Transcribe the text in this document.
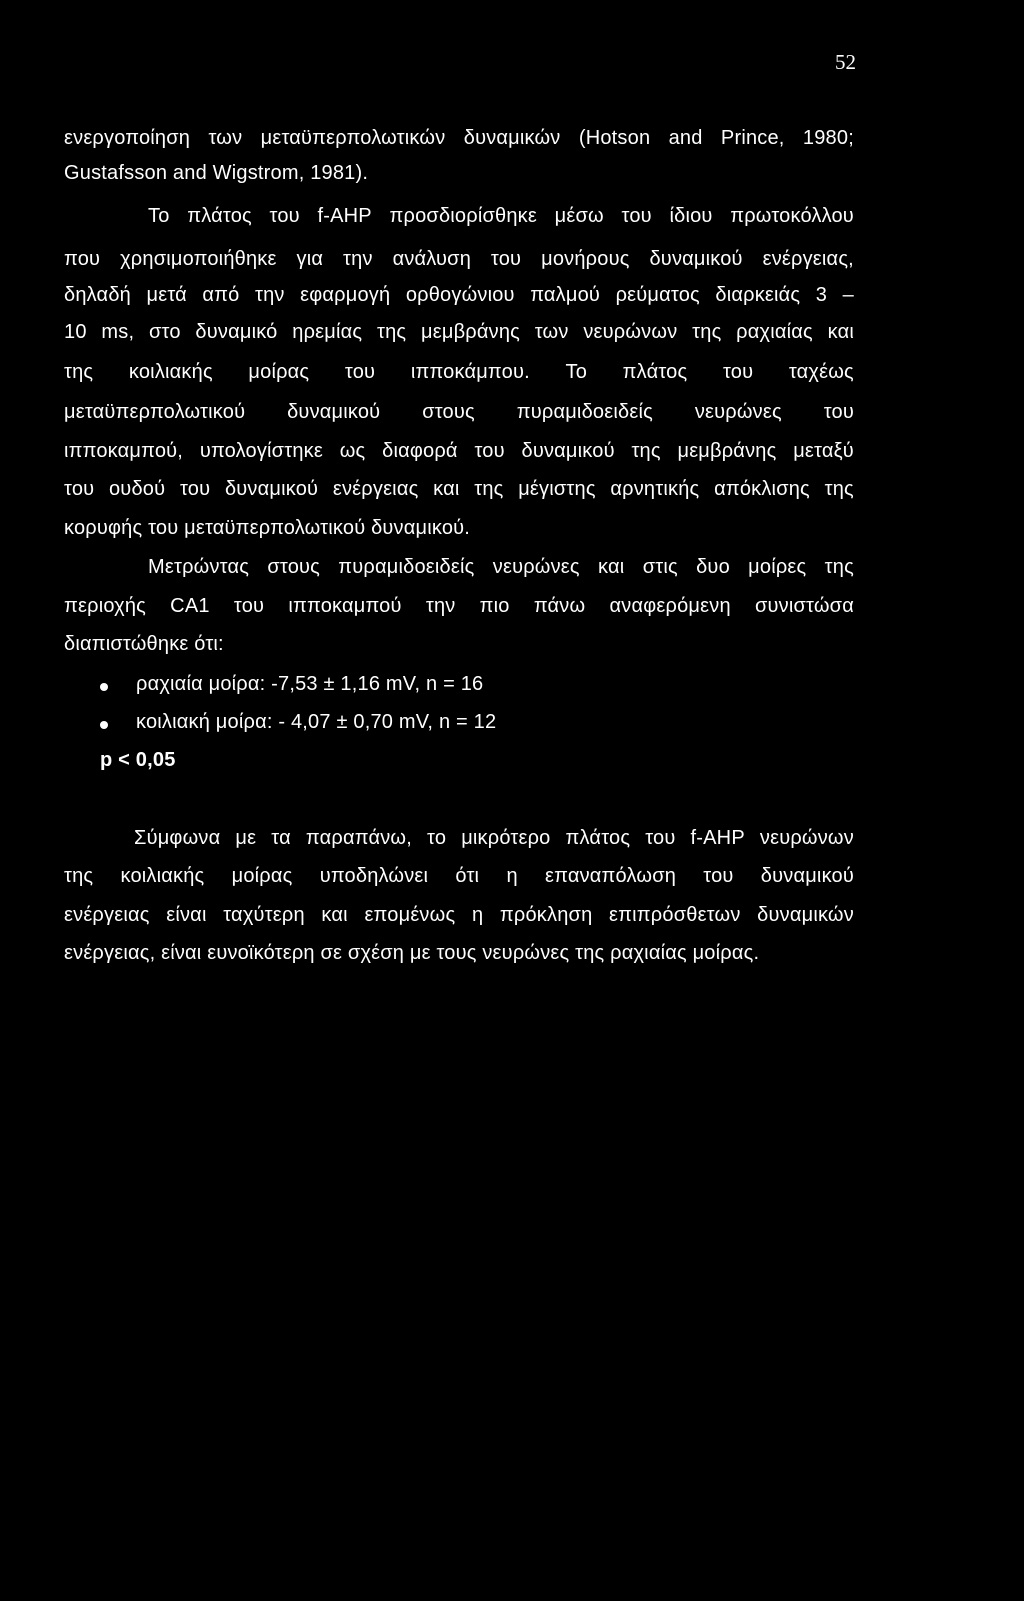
52
ενεργοποίηση των μεταϋπερπολωτικών δυναμικών (Hotson and Prince, 1980;
Gustafsson and Wigstrom, 1981).
Το πλάτος του f-AHP προσδιορίσθηκε μέσω του ίδιου πρωτοκόλλου
που χρησιμοποιήθηκε για την ανάλυση του μονήρους δυναμικού ενέργειας,
δηλαδή μετά από την εφαρμογή ορθογώνιου παλμού ρεύματος διαρκειάς 3 –
10 ms, στο δυναμικό ηρεμίας της μεμβράνης των νευρώνων της ραχιαίας και
της κοιλιακής μοίρας του ιπποκάμπου. Το πλάτος του ταχέως
μεταϋπερπολωτικού δυναμικού στους πυραμιδοειδείς νευρώνες του
ιπποκαμπού, υπολογίστηκε ως διαφορά του δυναμικού της μεμβράνης μεταξύ
του ουδού του δυναμικού ενέργειας και της μέγιστης αρνητικής απόκλισης της
κορυφής του μεταϋπερπολωτικού δυναμικού.
Μετρώντας στους πυραμιδοειδείς νευρώνες και στις δυο μοίρες της
περιοχής CA1 του ιπποκαμπού την πιο πάνω αναφερόμενη συνιστώσα
διαπιστώθηκε ότι:
ραχιαία μοίρα: -7,53 ± 1,16 mV, n = 16
κοιλιακή μοίρα: - 4,07 ± 0,70 mV, n = 12
p < 0,05
Σύμφωνα με τα παραπάνω, το μικρότερο πλάτος του f-AHP νευρώνων
της κοιλιακής μοίρας υποδηλώνει ότι η επαναπόλωση του δυναμικού
ενέργειας είναι ταχύτερη και επομένως η πρόκληση επιπρόσθετων δυναμικών
ενέργειας, είναι ευνοϊκότερη σε σχέση με τους νευρώνες της ραχιαίας μοίρας.
